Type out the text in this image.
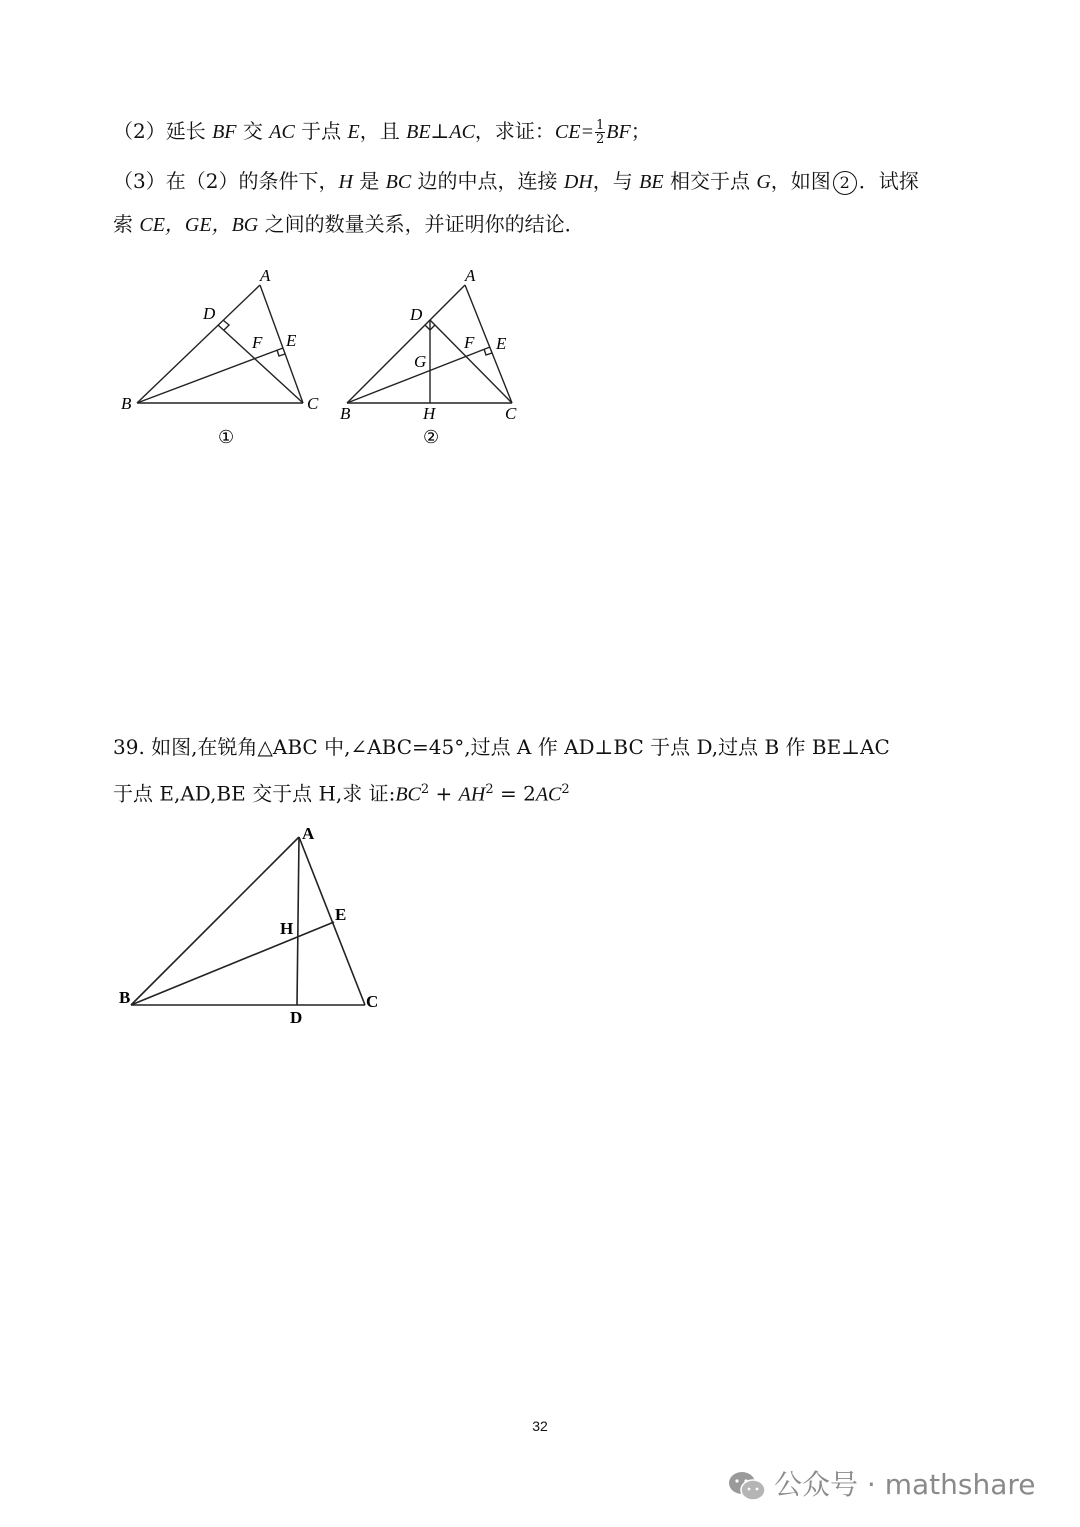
（2）延长 BF 交 AC 于点 E，且 BE⊥AC，求证：$CE= \frac{1}{2}$ BF；
（3）在（2）的条件下，H 是 BC 边的中点，连接 DH，与 BE 相交于点 G，如图 2 ．试探
索 CE，GE，BG 之间的数量关系，并证明你的结论．
A
B	C
D
E
F
①
A
B	C
D
E
F
G
H
②
39. 如图,在锐角△ABC 中,∠ABC=45°,过点 A 作 AD⊥BC 于点 D,过点 B 作 BE⊥AC
于点 E,AD,BE 交于点 H,求 证$:BC^2 + AH^2 = 2AC^2$
A
B	C
D
E
H
32
公众号 · mathshare
